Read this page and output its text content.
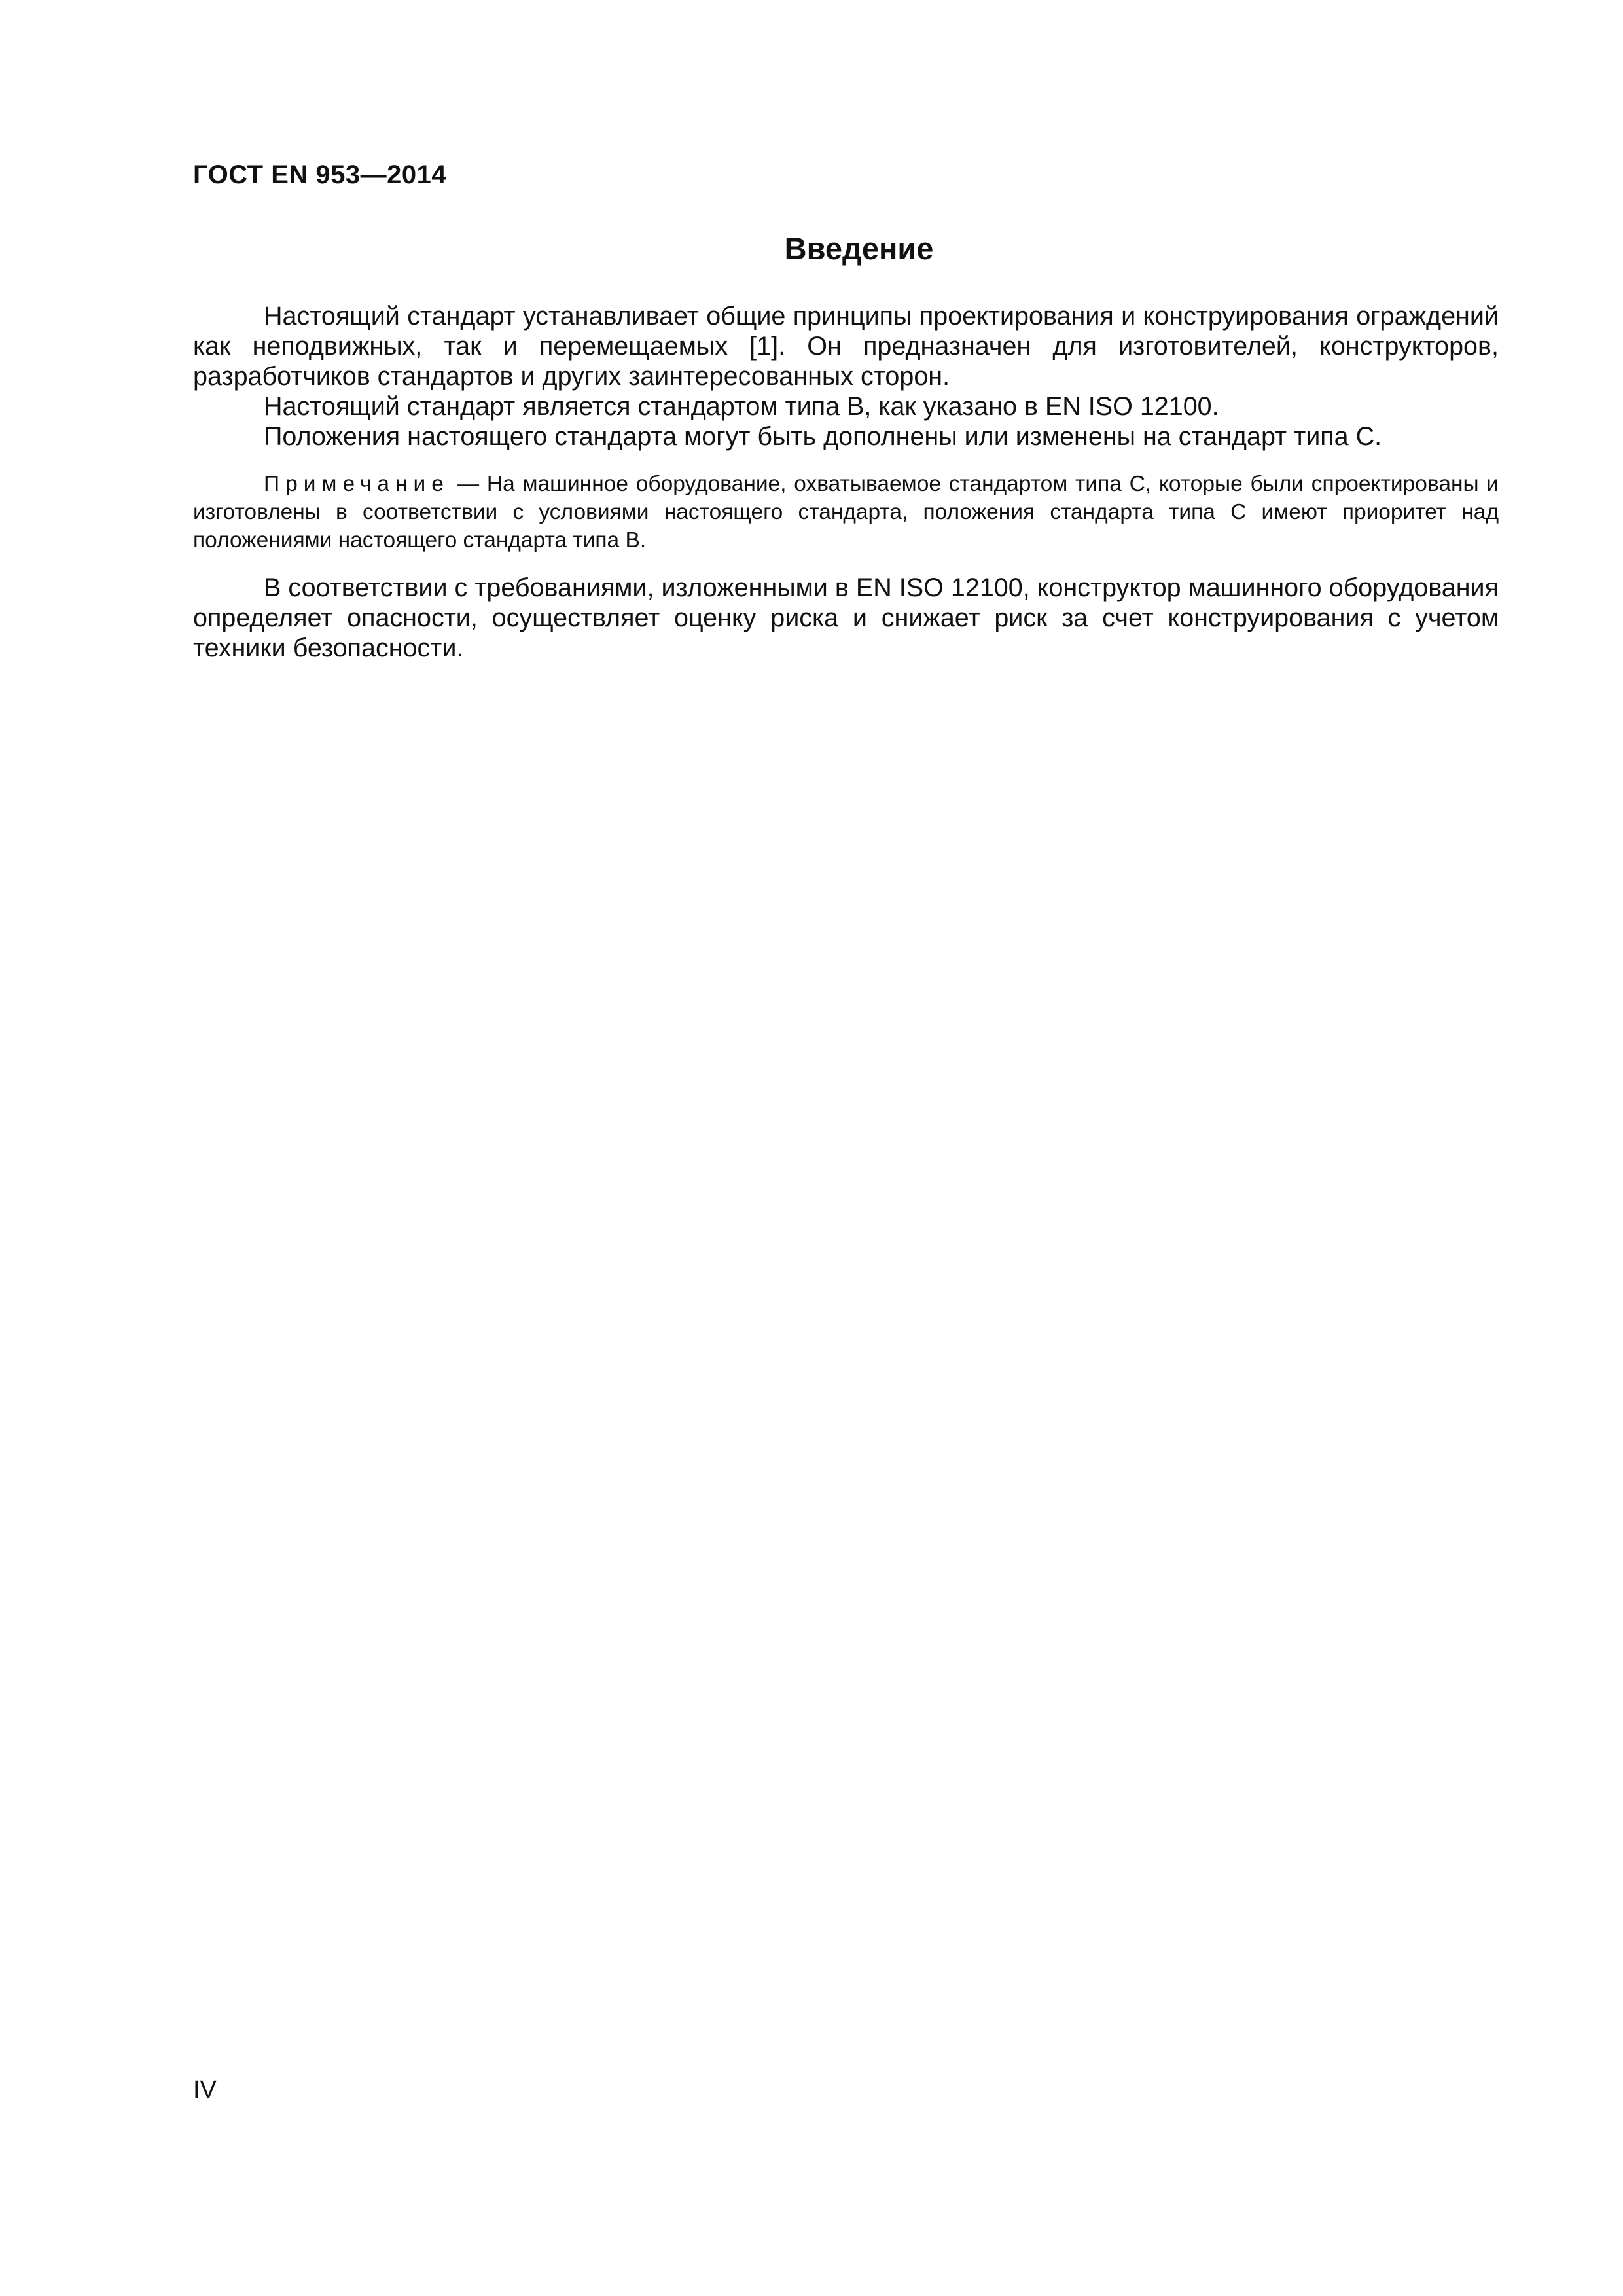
ГОСТ EN 953—2014
Введение

Настоящий стандарт устанавливает общие принципы проектирования и конструирования ограждений как неподвижных, так и перемещаемых [1]. Он предназначен для изготовителей, конструкторов, разработчиков стандартов и других заинтересованных сторон.

Настоящий стандарт является стандартом типа В, как указано в EN ISO 12100.

Положения настоящего стандарта могут быть дополнены или изменены на стандарт типа С.

Примечание — На машинное оборудование, охватываемое стандартом типа С, которые были спроектированы и изготовлены в соответствии с условиями настоящего стандарта, положения стандарта типа С имеют приоритет над положениями настоящего стандарта типа В.

В соответствии с требованиями, изложенными в EN ISO 12100, конструктор машинного оборудования определяет опасности, осуществляет оценку риска и снижает риск за счет конструирования с учетом техники безопасности.

IV
